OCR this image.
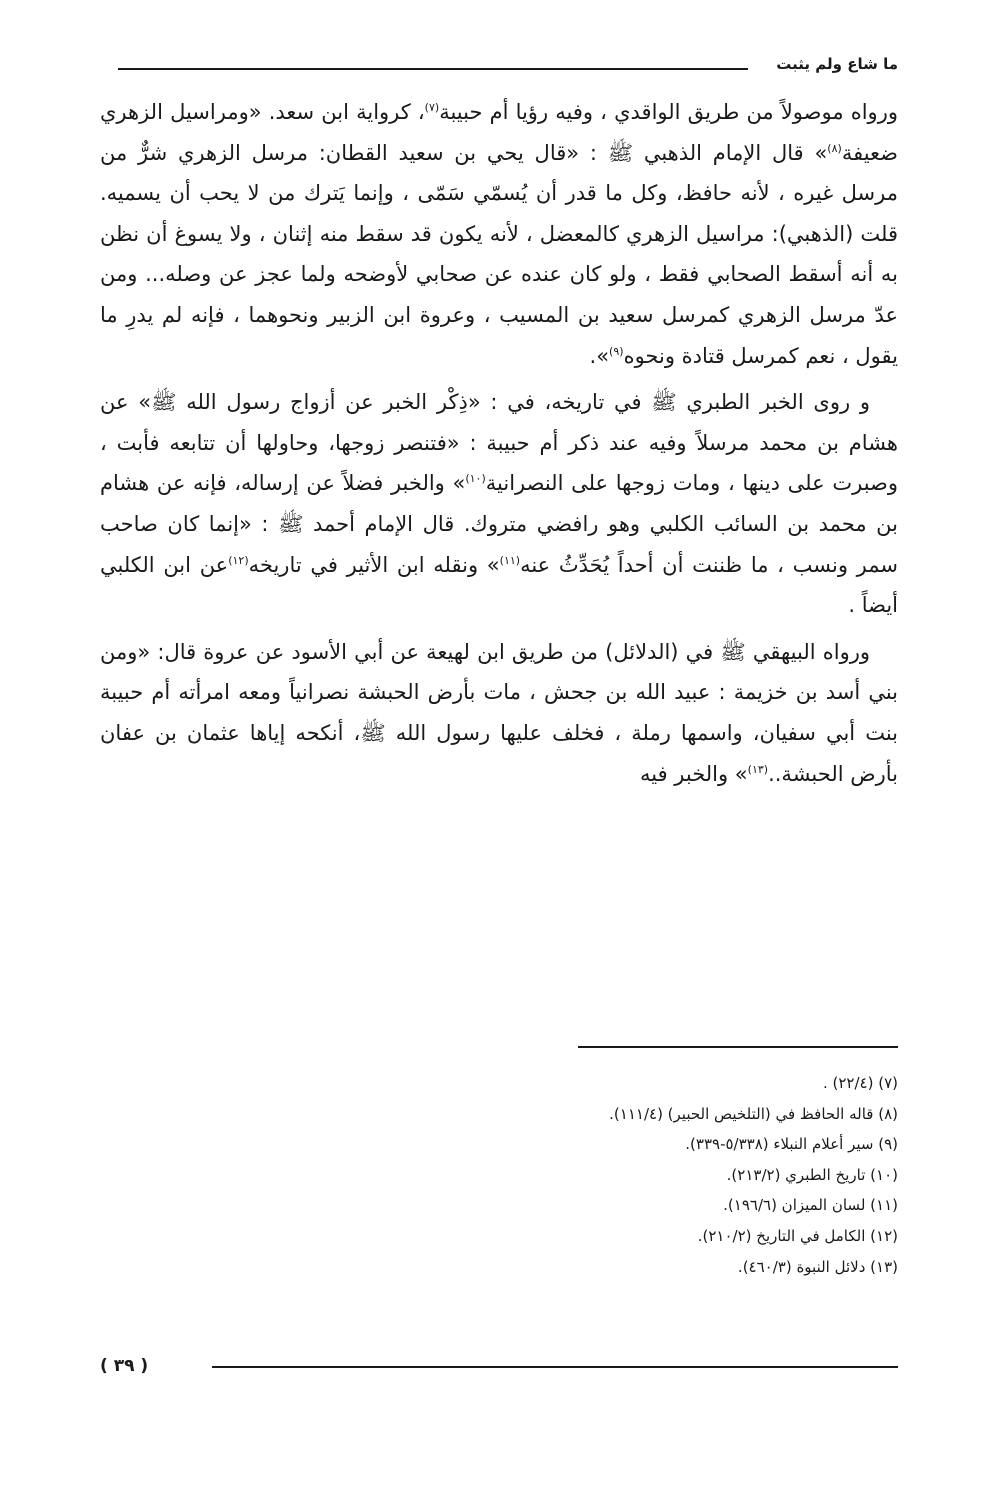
ما شاع ولم يثبت

ورواه موصولاً من طريق الواقدي ، وفيه رؤيا أم حبيبة$^{(٧)}$، كرواية ابن سعد. «ومراسيل الزهري ضعيفة$^{(٨)}$» قال الإمام الذهبي ﷺ : «قال يحي بن سعيد القطان: مرسل الزهري شرٌّ من مرسل غيره ، لأنه حافظ، وكل ما قدر أن يُسمّي سَمّى ، وإنما يَترك من لا يحب أن يسميه. قلت (الذهبي): مراسيل الزهري كالمعضل ، لأنه يكون قد سقط منه إثنان ، ولا يسوغ أن نظن به أنه أسقط الصحابي فقط ، ولو كان عنده عن صحابي لأوضحه ولما عجز عن وصله... ومن عدّ مرسل الزهري كمرسل سعيد بن المسيب ، وعروة ابن الزبير ونحوهما ، فإنه لم يدرِ ما يقول ، نعم كمرسل قتادة ونحوه$^{(٩)}$».

و روى الخبر الطبري ﷺ في تاريخه، في : «ذِكْر الخبر عن أزواج رسول الله ﷺ» عن هشام بن محمد مرسلاً وفيه عند ذكر أم حبيبة : «فتنصر زوجها، وحاولها أن تتابعه فأبت ، وصبرت على دينها ، ومات زوجها على النصرانية$^{(١٠)}$» والخبر فضلاً عن إرساله، فإنه عن هشام بن محمد بن السائب الكلبي وهو رافضي متروك. قال الإمام أحمد ﷺ : «إنما كان صاحب سمر ونسب ، ما ظننت أن أحداً يُحَدِّثُ عنه$^{(١١)}$» ونقله ابن الأثير في تاريخه$^{(١٢)}$عن ابن الكلبي أيضاً .

ورواه البيهقي ﷺ في (الدلائل) من طريق ابن لهيعة عن أبي الأسود عن عروة قال: «ومن بني أسد بن خزيمة : عبيد الله بن جحش ، مات بأرض الحبشة نصرانياً ومعه امرأته أم حبيبة بنت أبي سفيان، واسمها رملة ، فخلف عليها رسول الله ﷺ، أنكحه إياها عثمان بن عفان بأرض الحبشة..$^{(١٣)}$» والخبر فيه

(٧) (٢٢/٤) .
(٨) قاله الحافظ في (التلخيص الحبير) (١١١/٤).
(٩) سير أعلام النبلاء (٥/٣٣٨-٣٣٩).
(١٠) تاريخ الطبري (٢١٣/٢).
(١١) لسان الميزان (١٩٦/٦).
(١٢) الكامل في التاريخ (٢١٠/٢).
(١٣) دلائل النبوة (٤٦٠/٣).
( ٣٩ )
